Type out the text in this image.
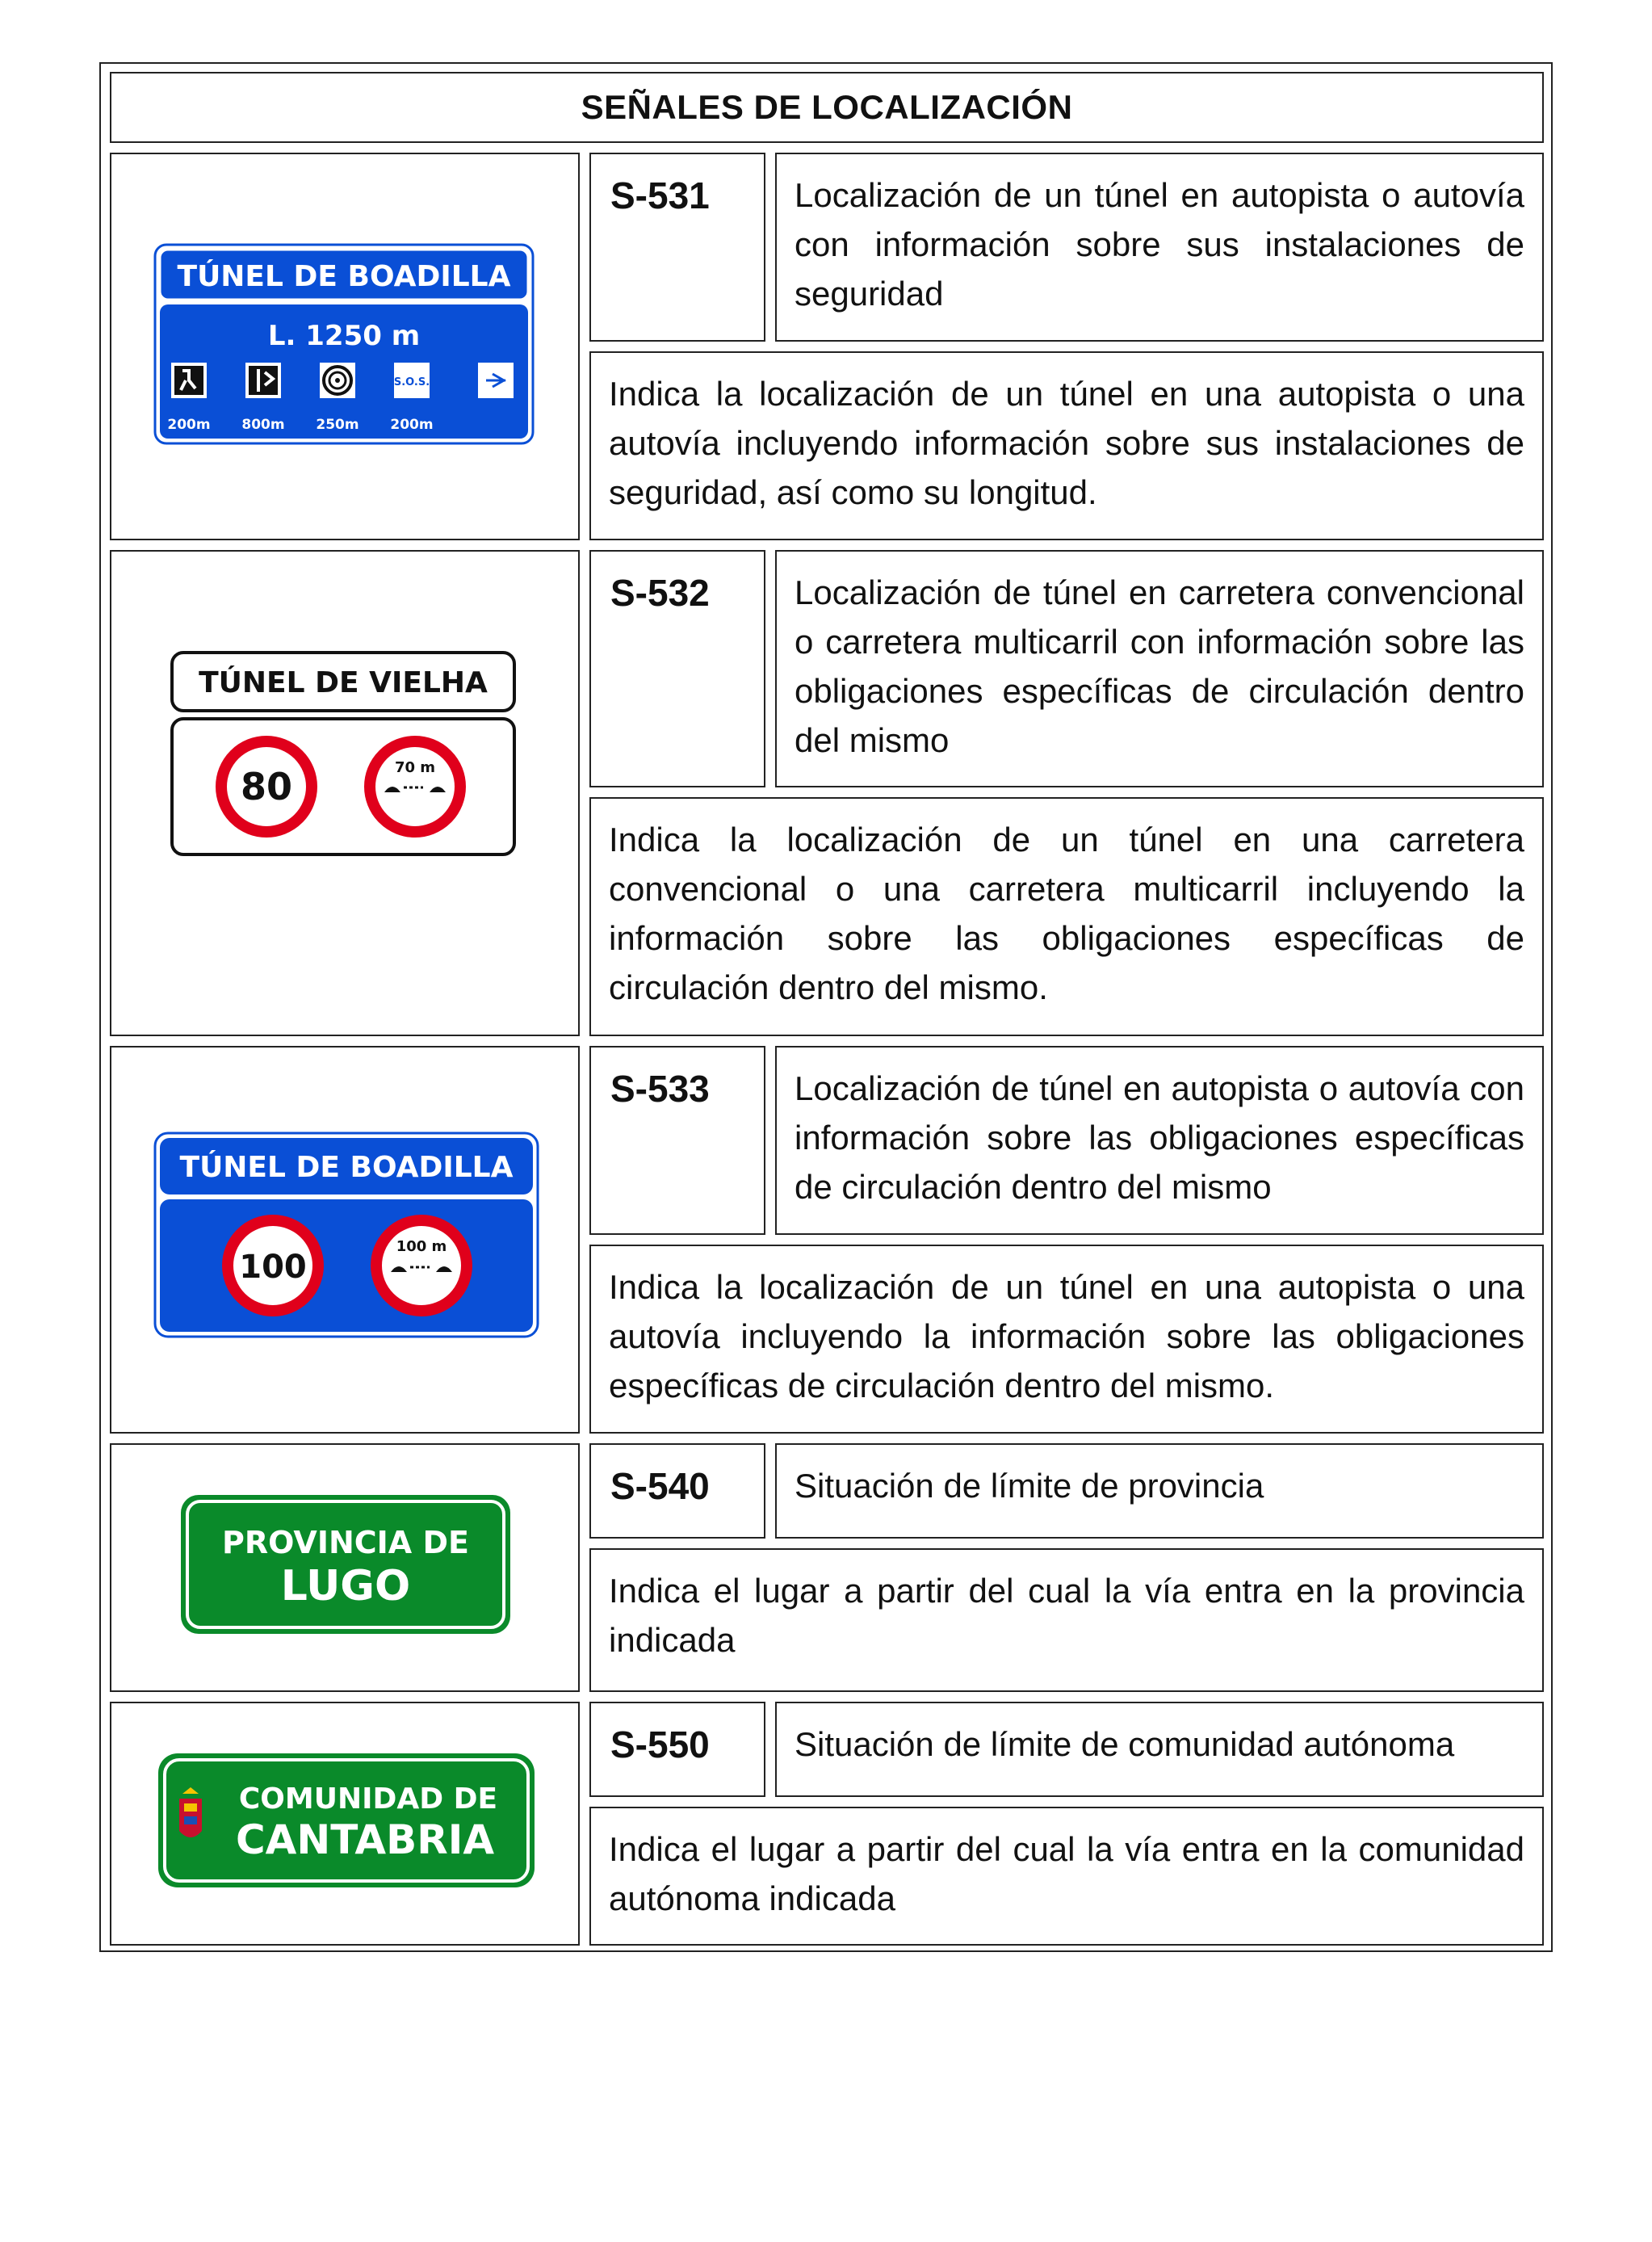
SEÑALES DE LOCALIZACIÓN
TÚNEL DE BOADILLA
L. 1250 m
S.O.S.
200m 800m 250m 200m
S-531	Localización de un túnel en autopista o autovía con información sobre sus instalaciones de seguridad
Indica la localización de un túnel en una autopista o una autovía incluyendo información sobre sus instalaciones de seguridad, así como su longitud.
TÚNEL DE VIELHA
80	70 m
S-532	Localización de túnel en carretera convencional o carretera multicarril con información sobre las obligaciones específicas de circulación dentro del mismo
Indica la localización de un túnel en una carretera convencional o una carretera multicarril incluyendo la información sobre las obligaciones específicas de circulación dentro del mismo.
TÚNEL DE BOADILLA
100
100 m
S-533	Localización de túnel en autopista o autovía con información sobre las obligaciones específicas de circulación dentro del mismo
Indica la localización de un túnel en una autopista o una autovía incluyendo la información sobre las obligaciones específicas de circulación dentro del mismo.
PROVINCIA DE
LUGO
S-540	Situación de límite de provincia
Indica el lugar a partir del cual la vía entra en la provincia indicada
COMUNIDAD DE
CANTABRIA
S-550	Situación de límite de comunidad autónoma
Indica el lugar a partir del cual la vía entra en la comunidad autónoma indicada
